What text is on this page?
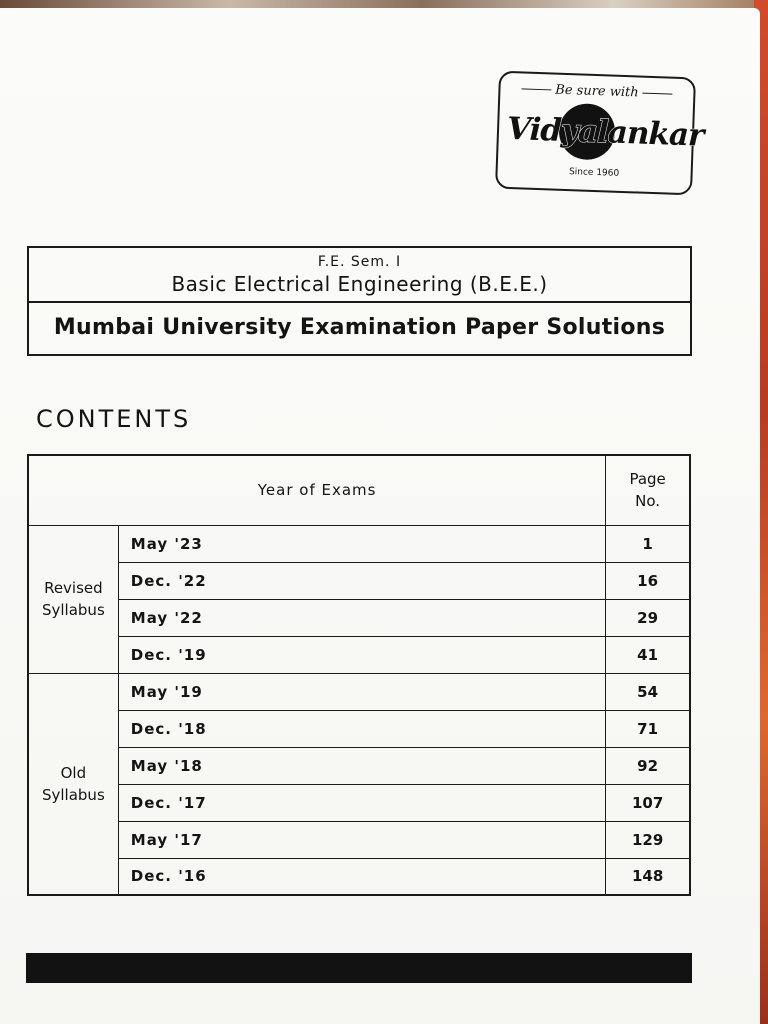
Be sure with
Vidyalankar
Since 1960
F.E. Sem. I
Basic Electrical Engineering (B.E.E.)
Mumbai University Examination Paper Solutions
CONTENTS
Year of Exams		Page
No.
Revised
Syllabus	May '23	1
	Dec. '22	16
	May '22	29
	Dec. '19	41
Old
Syllabus	May '19	54
	Dec. '18	71
	May '18	92
	Dec. '17	107
	May '17	129
	Dec. '16	148
